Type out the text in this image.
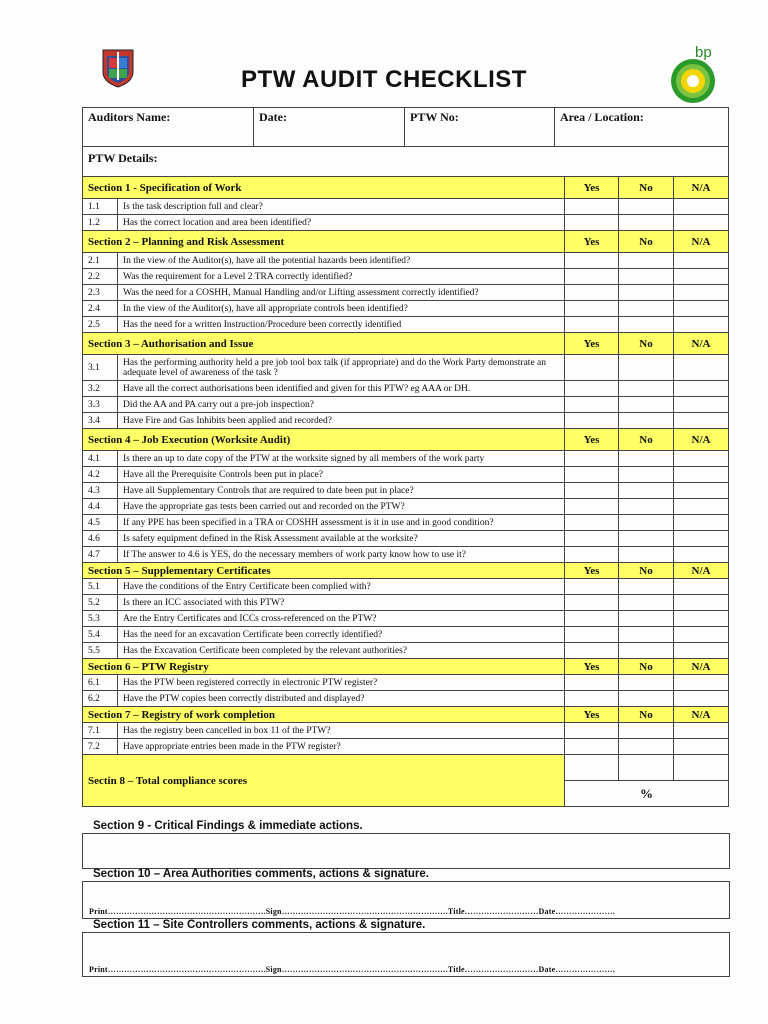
bp
PTW AUDIT CHECKLIST
Auditors Name:	Date:	PTW No:	Area / Location:
PTW Details:
Section 1 - Specification of Work		Yes	No	N/A
1.1	Is the task description full and clear?			
1.2	Has the correct location and area been identified?			
Section 2 – Planning and Risk Assessment		Yes	No	N/A
2.1	In the view of the Auditor(s), have all the potential hazards been identified?			
2.2	Was the requirement for a Level 2 TRA correctly identified?			
2.3	Was the need for a COSHH, Manual Handling and/or Lifting assessment correctly identified?			
2.4	In the view of the Auditor(s), have all appropriate controls been identified?			
2.5	Has the need for a written Instruction/Procedure been correctly identified			
Section 3 – Authorisation and Issue		Yes	No	N/A
3.1	Has the performing authority held a pre job tool box talk (if appropriate) and do the Work Party demonstrate an adequate level of awareness of the task ?			
3.2	Have all the correct authorisations been identified and given for this PTW? eg AAA or DH.			
3.3	Did the AA and PA carry out a pre-job inspection?			
3.4	Have Fire and Gas Inhibits been applied and recorded?			
Section 4 – Job Execution (Worksite Audit)		Yes	No	N/A
4.1	Is there an up to date copy of the PTW at the worksite signed by all members of the work party			
4.2	Have all the Prerequisite Controls been put in place?			
4.3	Have all Supplementary Controls that are required to date been put in place?			
4.4	Have the appropriate gas tests been carried out and recorded on the PTW?			
4.5	If any PPE has been specified in a TRA or COSHH assessment is it in use and in good condition?			
4.6	Is safety equipment defined in the Risk Assessment available at the worksite?			
4.7	If The answer to 4.6 is YES, do the necessary members of work party know how to use it?			
Section 5 – Supplementary Certificates		Yes	No	N/A
5.1	Have the conditions of the Entry Certificate been complied with?			
5.2	Is there an ICC associated with this PTW?			
5.3	Are the Entry Certificates and ICCs cross-referenced on the PTW?			
5.4	Has the need for an excavation Certificate been correctly identified?			
5.5	Has the Excavation Certificate been completed by the relevant authorities?			
Section 6 – PTW Registry		Yes	No	N/A
6.1	Has the PTW been registered correctly in electronic PTW register?			
6.2	Have the PTW copies been correctly distributed and displayed?			
Section 7 – Registry of work completion		Yes	No	N/A
7.1	Has the registry been cancelled in box 11 of the PTW?			
7.2	Have appropriate entries been made in the PTW register?			
Sectin 8 – Total compliance scores				
		%		
Section 9 - Critical Findings & immediate actions.
Section 10 – Area Authorities comments, actions & signature.
Print………………………………………………….Sign…………………………………………………….Title………………………Date………………….
Section 11 – Site Controllers comments, actions & signature.
Print………………………………………………….Sign…………………………………………………….Title………………………Date………………….
